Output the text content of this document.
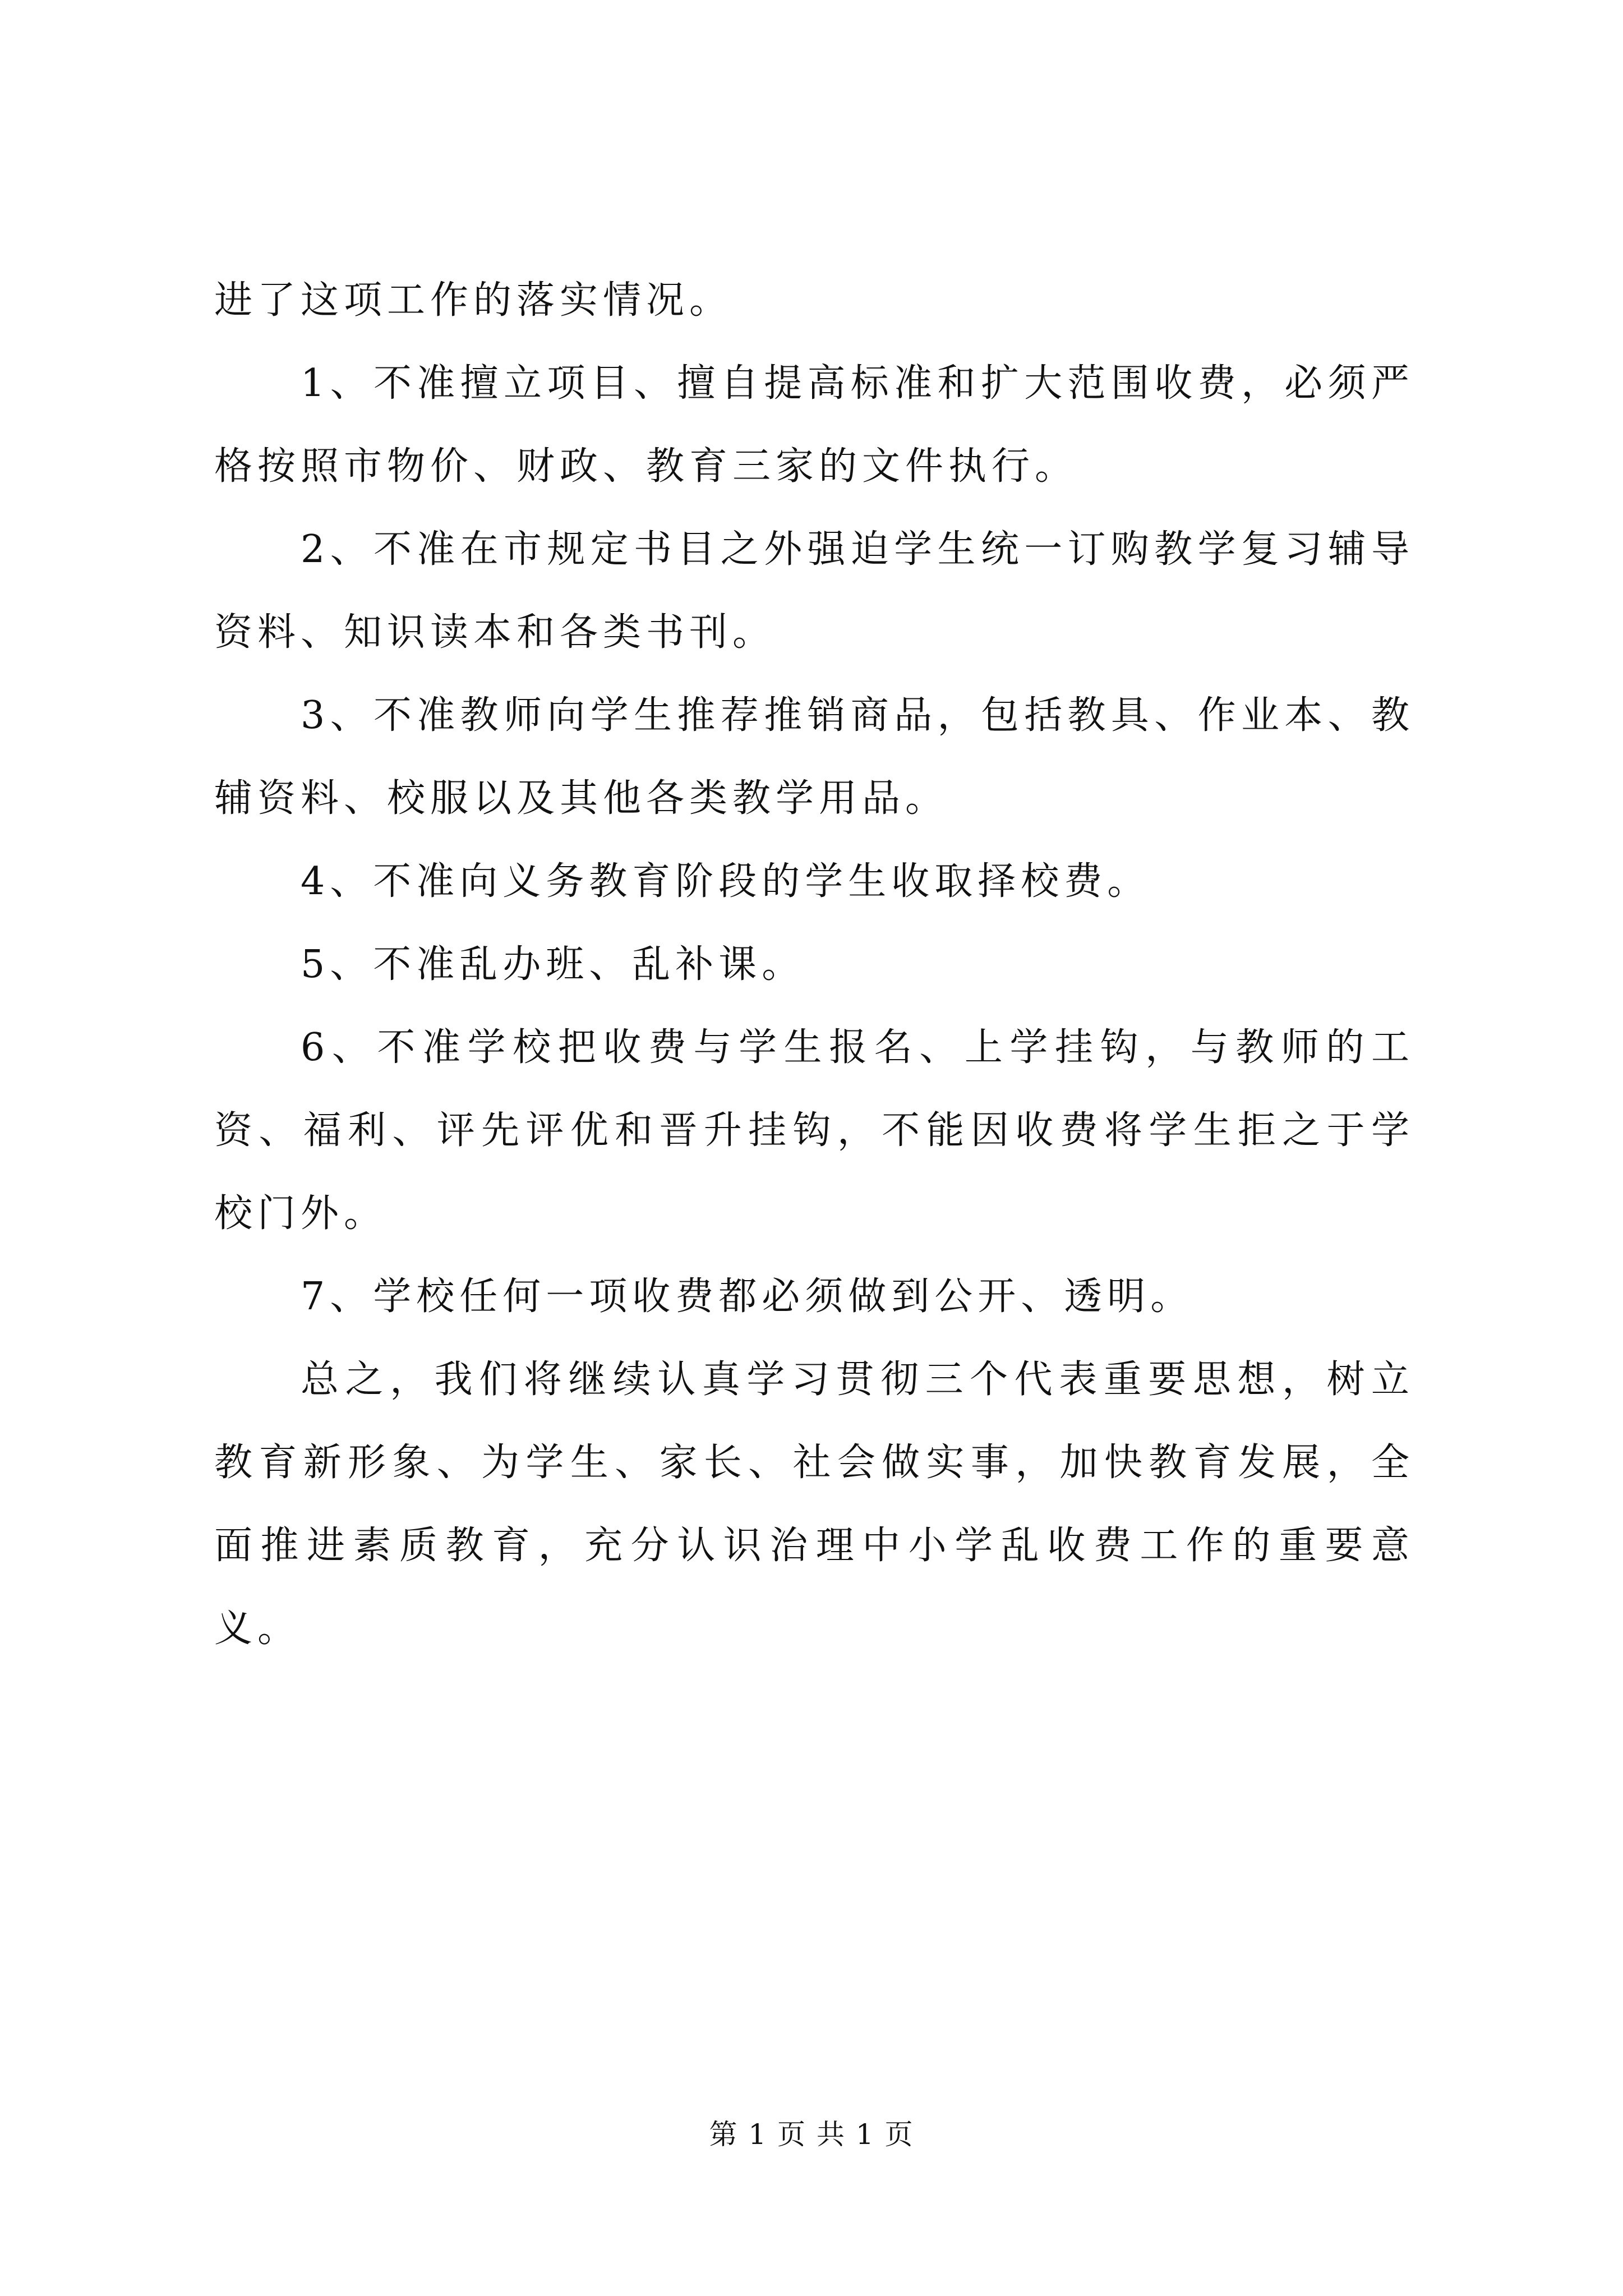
进了这项工作的落实情况。

1、不准擅立项目、擅自提高标准和扩大范围收费，必须严格按照市物价、财政、教育三家的文件执行。

2、不准在市规定书目之外强迫学生统一订购教学复习辅导资料、知识读本和各类书刊。

3、不准教师向学生推荐推销商品，包括教具、作业本、教辅资料、校服以及其他各类教学用品。

4、不准向义务教育阶段的学生收取择校费。

5、不准乱办班、乱补课。

6、不准学校把收费与学生报名、上学挂钩，与教师的工资、福利、评先评优和晋升挂钩，不能因收费将学生拒之于学校门外。

7、学校任何一项收费都必须做到公开、透明。

总之，我们将继续认真学习贯彻三个代表重要思想，树立教育新形象、为学生、家长、社会做实事，加快教育发展，全面推进素质教育，充分认识治理中小学乱收费工作的重要意义。

第 1 页 共 1 页
